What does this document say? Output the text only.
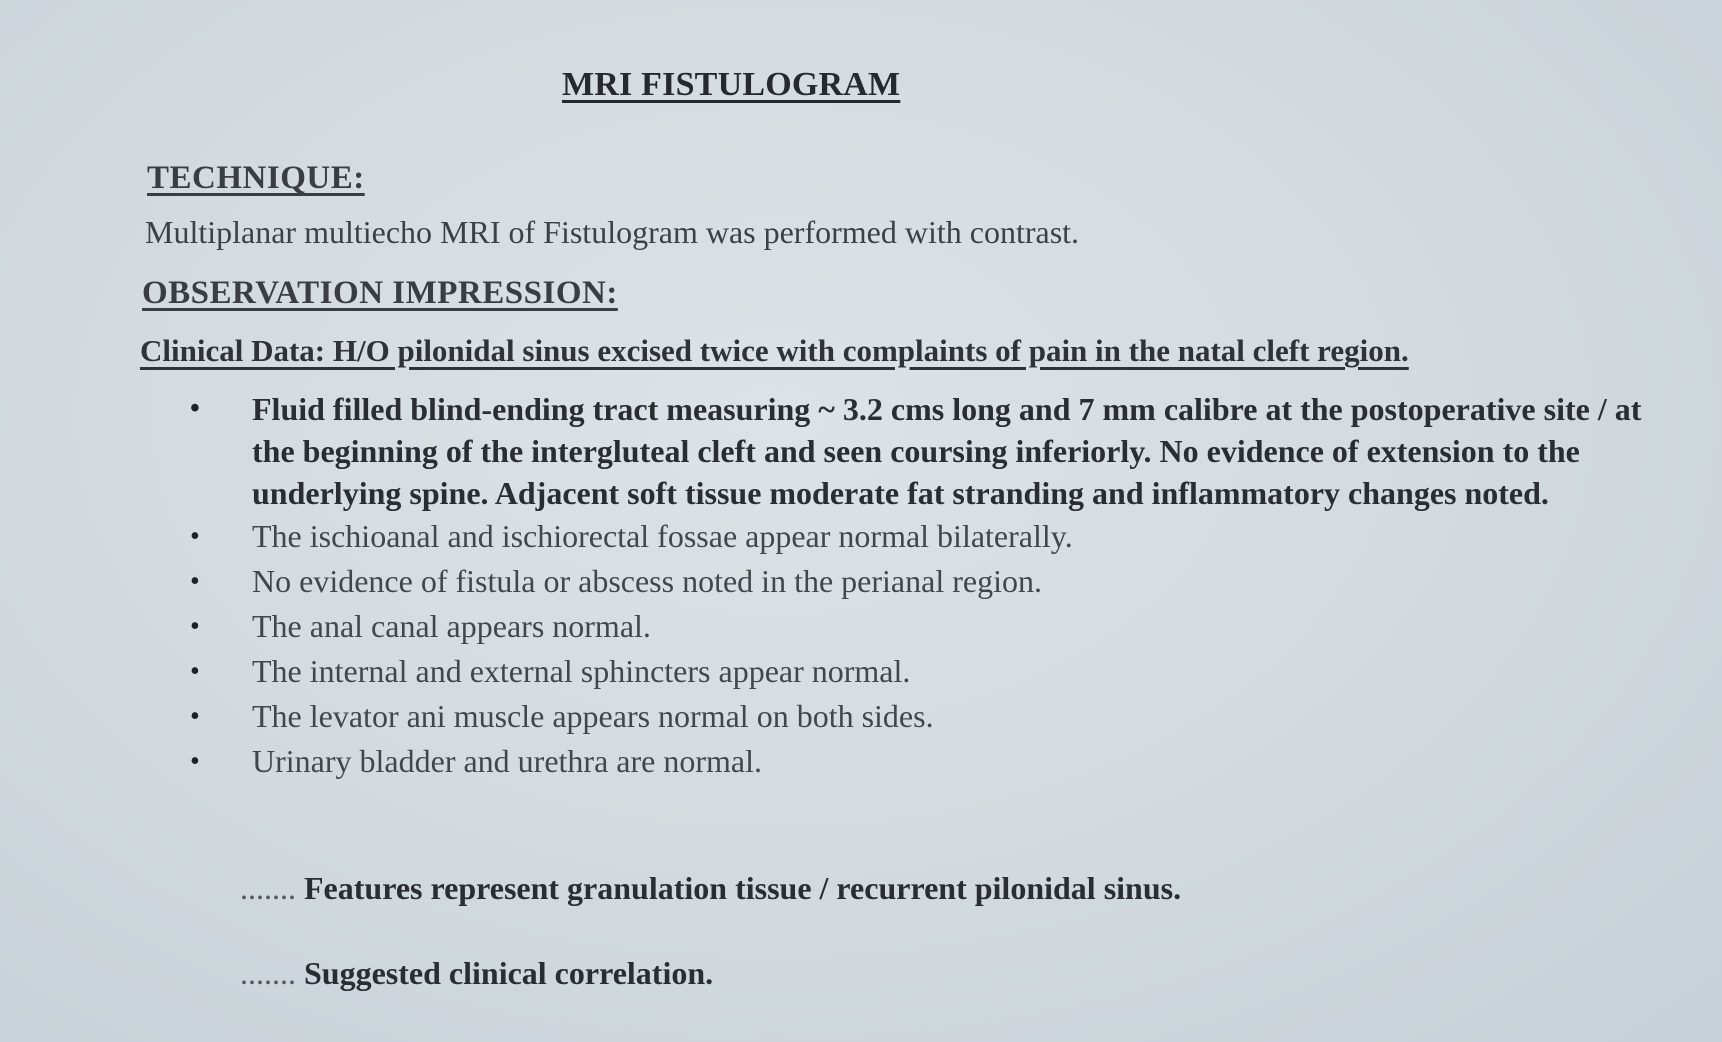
MRI FISTULOGRAM
TECHNIQUE:
Multiplanar multiecho MRI of Fistulogram was performed with contrast.
OBSERVATION IMPRESSION:
Clinical Data: H/O pilonidal sinus excised twice with complaints of pain in the natal cleft region.
• Fluid filled blind-ending tract measuring ~ 3.2 cms long and 7 mm calibre at the postoperative site / at the beginning of the intergluteal cleft and seen coursing inferiorly. No evidence of extension to the underlying spine. Adjacent soft tissue moderate fat stranding and inflammatory changes noted.
• The ischioanal and ischiorectal fossae appear normal bilaterally.
• No evidence of fistula or abscess noted in the perianal region.
• The anal canal appears normal.
• The internal and external sphincters appear normal.
• The levator ani muscle appears normal on both sides.
• Urinary bladder and urethra are normal.
....... Features represent granulation tissue / recurrent pilonidal sinus.
....... Suggested clinical correlation.
